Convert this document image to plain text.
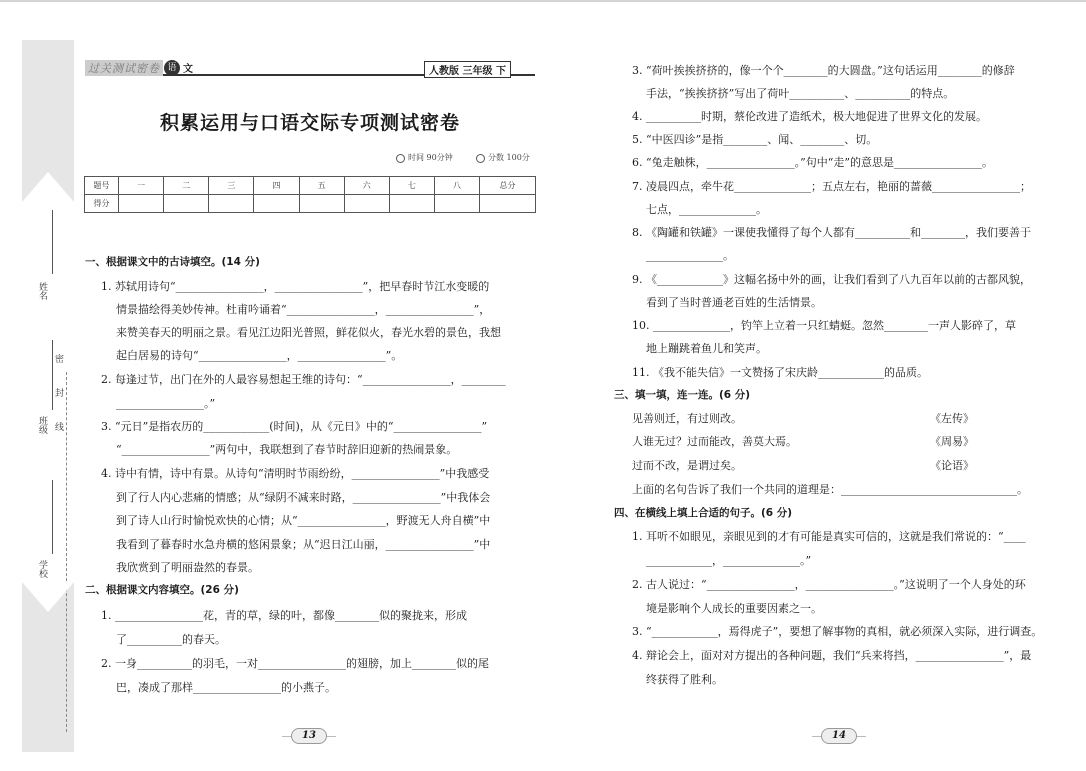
姓名
班级
学校
密
封
线
过关测试密卷 语 文	人教版 三年级 下
积累运用与口语交际专项测试密卷
时间 90分钟	分数 100分
题号	一	二	三	四	五	六	七	八	总分
得分									
一、根据课文中的古诗填空。(14 分)
1. 苏轼用诗句“________________，________________”，把早春时节江水变暖的
情景描绘得美妙传神。杜甫吟诵着“________________，________________”，
来赞美春天的明丽之景。看见江边阳光普照，鲜花似火，春光水碧的景色，我想
起白居易的诗句“________________，________________”。
2. 每逢过节，出门在外的人最容易想起王维的诗句：“________________，________
________________。”
3. “元日”是指农历的____________(时间)，从《元日》中的“________________”
“________________”两句中，我联想到了春节时辞旧迎新的热闹景象。
4. 诗中有情，诗中有景。从诗句“清明时节雨纷纷，________________”中我感受
到了行人内心悲痛的情感；从“绿阴不减来时路，________________”中我体会
到了诗人山行时愉悦欢快的心情；从“________________，野渡无人舟自横”中
我看到了暮春时水急舟横的悠闲景象；从“迟日江山丽，________________”中
我欣赏到了明丽盎然的春景。
二、根据课文内容填空。(26 分)
1. ________________花，青的草，绿的叶，都像________似的聚拢来，形成
了__________的春天。
2. 一身__________的羽毛，一对________________的翅膀，加上________似的尾
巴，凑成了那样________________的小燕子。
13
3. “荷叶挨挨挤挤的，像一个个________的大圆盘。”这句话运用________的修辞
手法，“挨挨挤挤”写出了荷叶__________、__________的特点。
4. __________时期，蔡伦改进了造纸术，极大地促进了世界文化的发展。
5. “中医四诊”是指________、闻、________、切。
6. “兔走触株，________________。”句中“走”的意思是________________。
7. 凌晨四点，牵牛花______________；五点左右，艳丽的蔷薇________________；
七点，______________。
8. 《陶罐和铁罐》一课使我懂得了每个人都有__________和________，我们要善于
______________。
9. 《____________》这幅名扬中外的画，让我们看到了八九百年以前的古都风貌，
看到了当时普通老百姓的生活情景。
10. ______________，钓竿上立着一只红蜻蜓。忽然________一声人影碎了，草
地上蹦跳着鱼儿和笑声。
11. 《我不能失信》一文赞扬了宋庆龄____________的品质。
三、填一填，连一连。(6 分)
见善则迁，有过则改。	《左传》
人谁无过？过而能改，善莫大焉。	《周易》
过而不改，是谓过矣。	《论语》
上面的名句告诉了我们一个共同的道理是：________________________________。
四、在横线上填上合适的句子。(6 分)
1. 耳听不如眼见，亲眼见到的才有可能是真实可信的，这就是我们常说的：“____
____________，______________。”
2. 古人说过：“________________，________________。”这说明了一个人身处的环
境是影响个人成长的重要因素之一。
3. “____________，焉得虎子”，要想了解事物的真相，就必须深入实际，进行调查。
4. 辩论会上，面对对方提出的各种问题，我们“兵来将挡，________________”，最
终获得了胜利。
14
